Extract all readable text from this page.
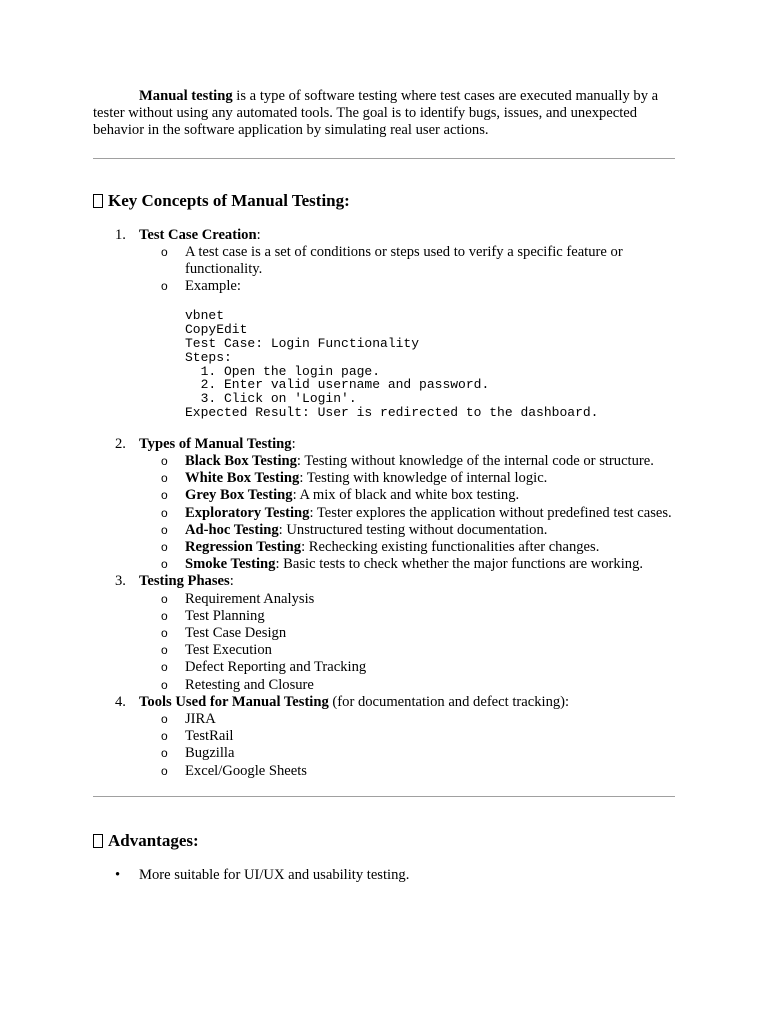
Manual testing is a type of software testing where test cases are executed manually by a tester without using any automated tools. The goal is to identify bugs, issues, and unexpected behavior in the software application by simulating real user actions.

Key Concepts of Manual Testing:
1. Test Case Creation:
o A test case is a set of conditions or steps used to verify a specific feature or functionality.
o Example:
vbnet
CopyEdit
Test Case: Login Functionality
Steps:
1. Open the login page.
2. Enter valid username and password.
3. Click on 'Login'.
Expected Result: User is redirected to the dashboard.
2. Types of Manual Testing:
o Black Box Testing: Testing without knowledge of the internal code or structure.
o White Box Testing: Testing with knowledge of internal logic.
o Grey Box Testing: A mix of black and white box testing.
o Exploratory Testing: Tester explores the application without predefined test cases.
o Ad-hoc Testing: Unstructured testing without documentation.
o Regression Testing: Rechecking existing functionalities after changes.
o Smoke Testing: Basic tests to check whether the major functions are working.
3. Testing Phases:
o Requirement Analysis
o Test Planning
o Test Case Design
o Test Execution
o Defect Reporting and Tracking
o Retesting and Closure
4. Tools Used for Manual Testing (for documentation and defect tracking):
o JIRA
o TestRail
o Bugzilla
o Excel/Google Sheets
Advantages:
• More suitable for UI/UX and usability testing.
